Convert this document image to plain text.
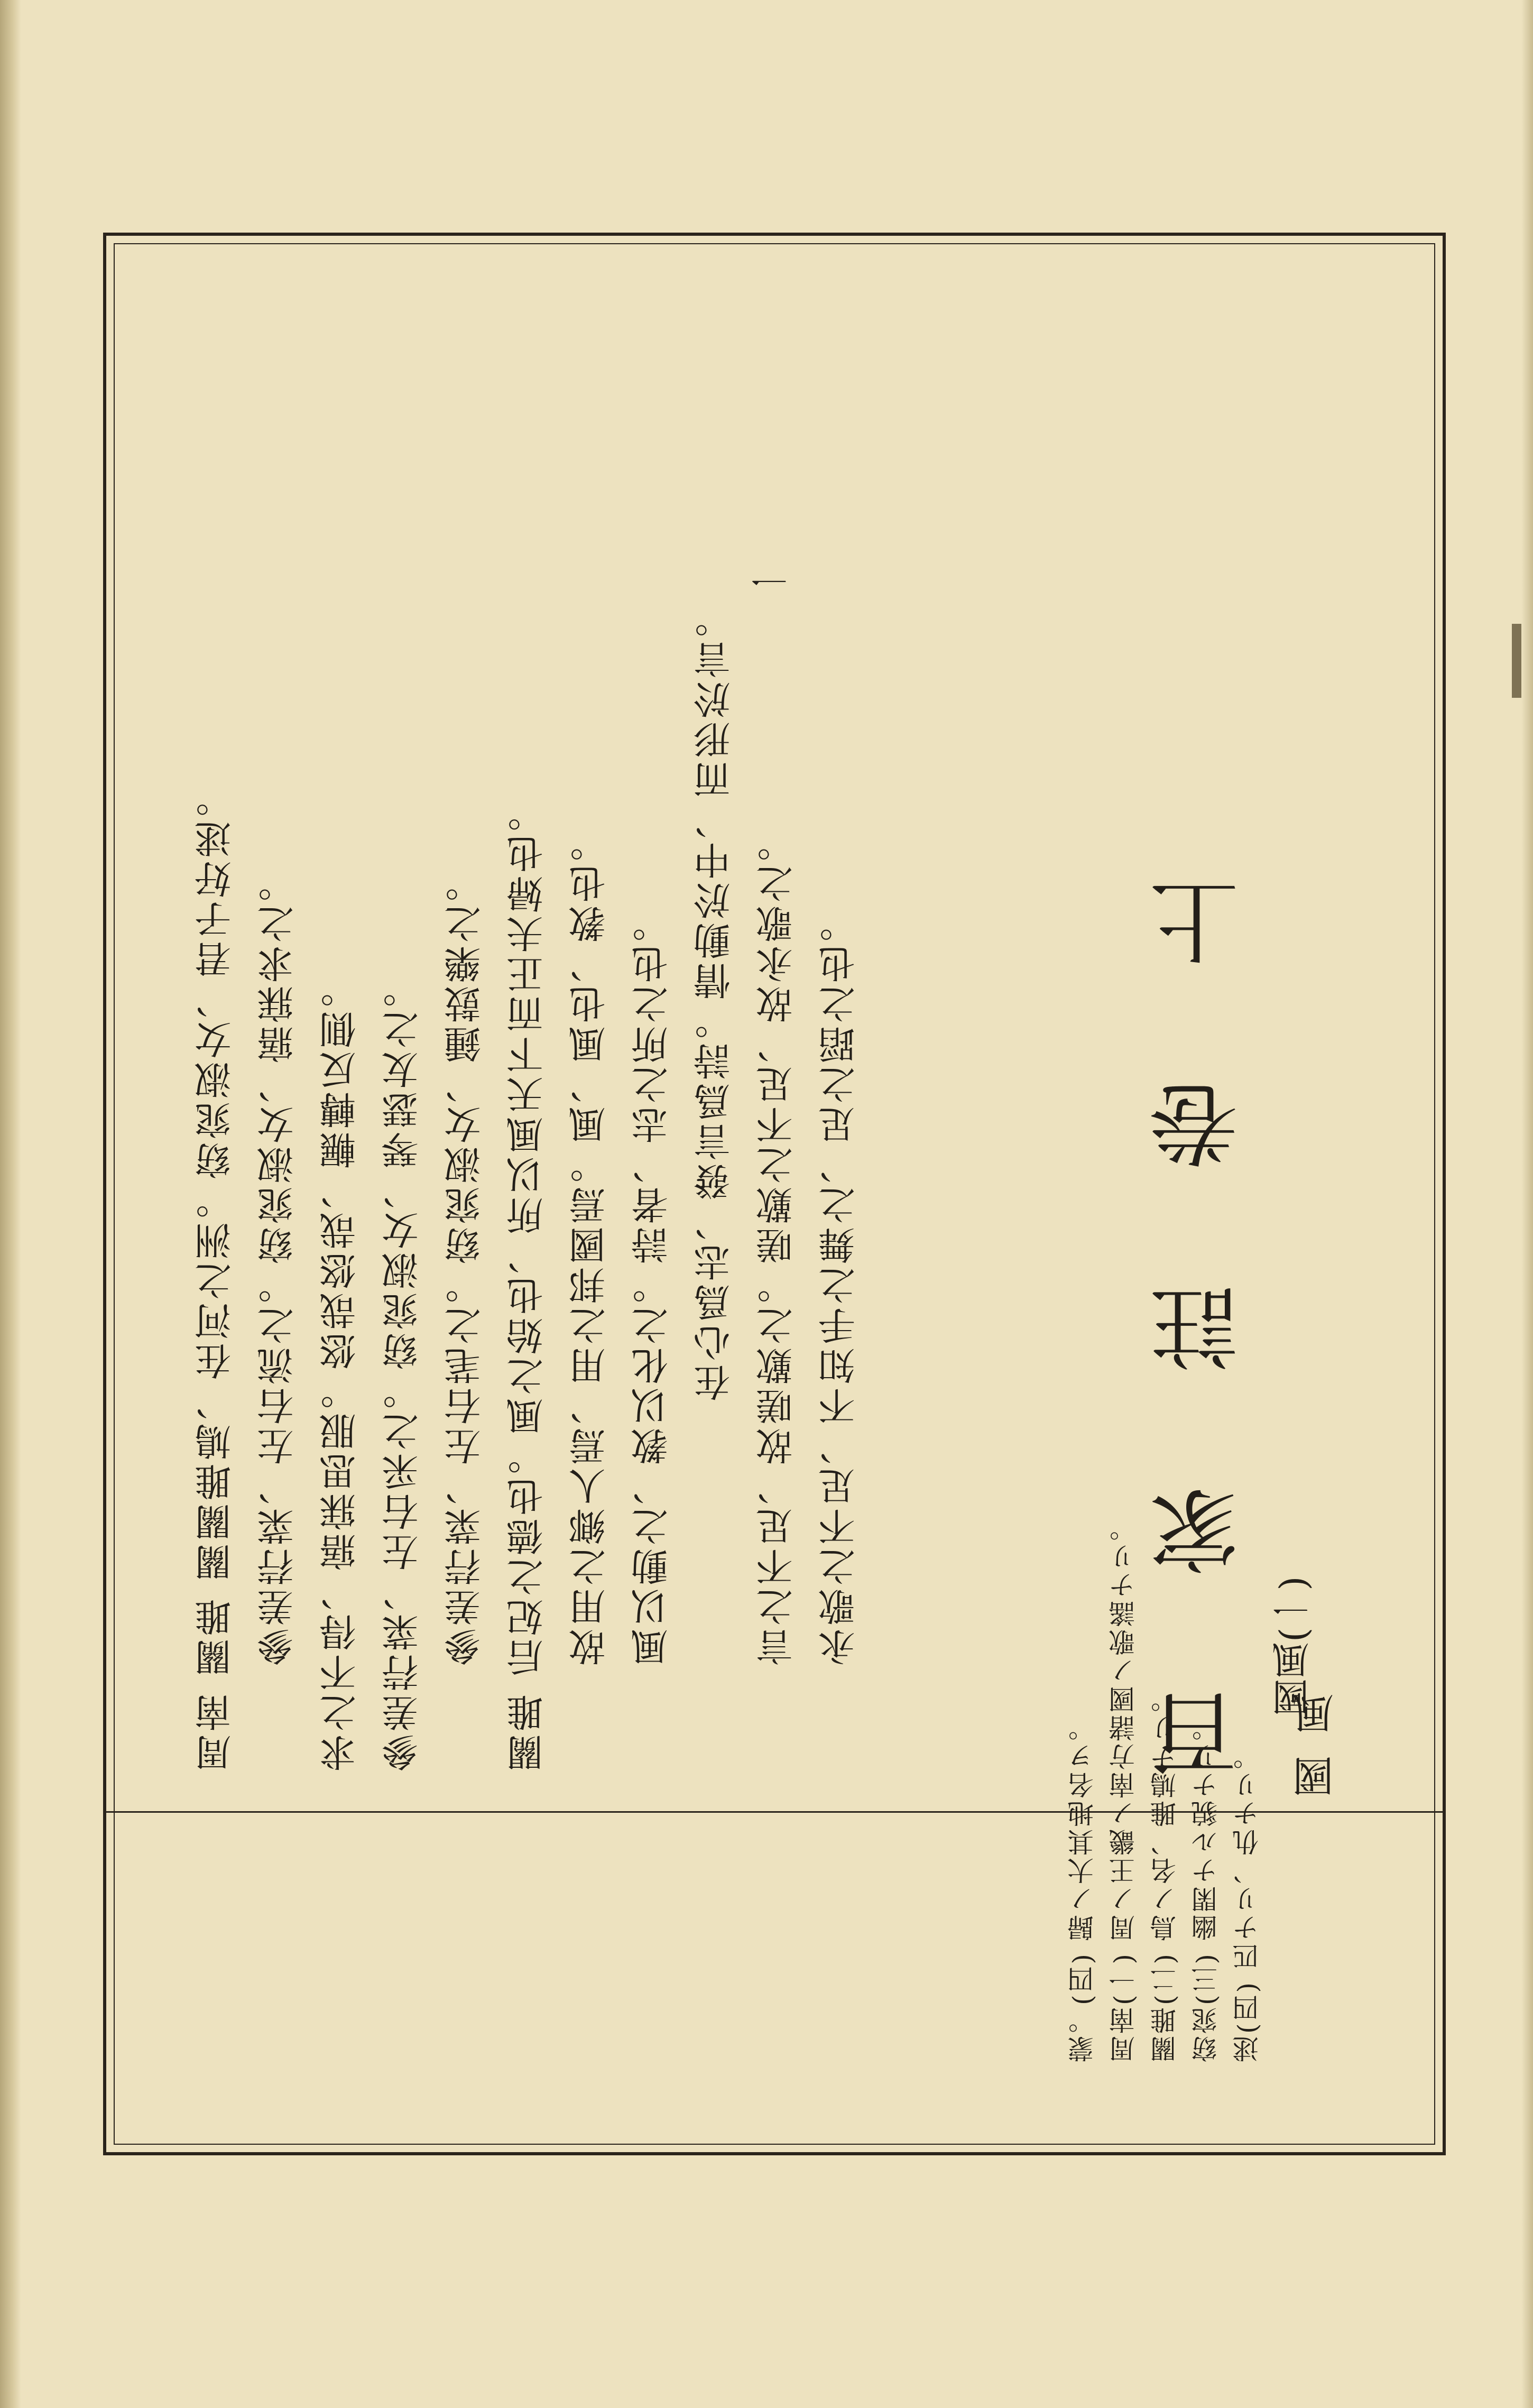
國 風
一
周南 關雎 關關雎鳩、在河之洲。窈窕淑女、君子好逑。 參差荇菜、左右流之。窈窕淑女、寤寐求之。 求之不得、寤寐思服。悠哉悠哉、輾轉反側。 參差荇菜、左右采之。窈窕淑女、琴瑟友之。 參差荇菜、左右芼之。窈窕淑女、鍾鼓樂之。 關雎 后妃之德也。風之始也、所以風天下而正夫婦也。 故用之鄉人焉、用之邦國焉。風、風也、教也。 風以動之、教以化之。詩者、志之所之也。 在心爲志、發言爲詩。情動於中、而形於言。 言之不足、故嗟歎之。嗟歎之不足、故永歌之。 永歌之不足、不知手之舞之、足之蹈之也。
蒙。(四) 歸ノ大其地名ヲ。 周南(一) 周ノ王畿ノ南方諸國ノ歌謠ナリ。 關雎(二) 鳥ノ名、雎鳩ナリ。 窈窕(三) 幽閑ナル貌ナリ。 逑(四) 匹ナリ、仇ナリ。
百 家 註 卷 上 國風(一)
